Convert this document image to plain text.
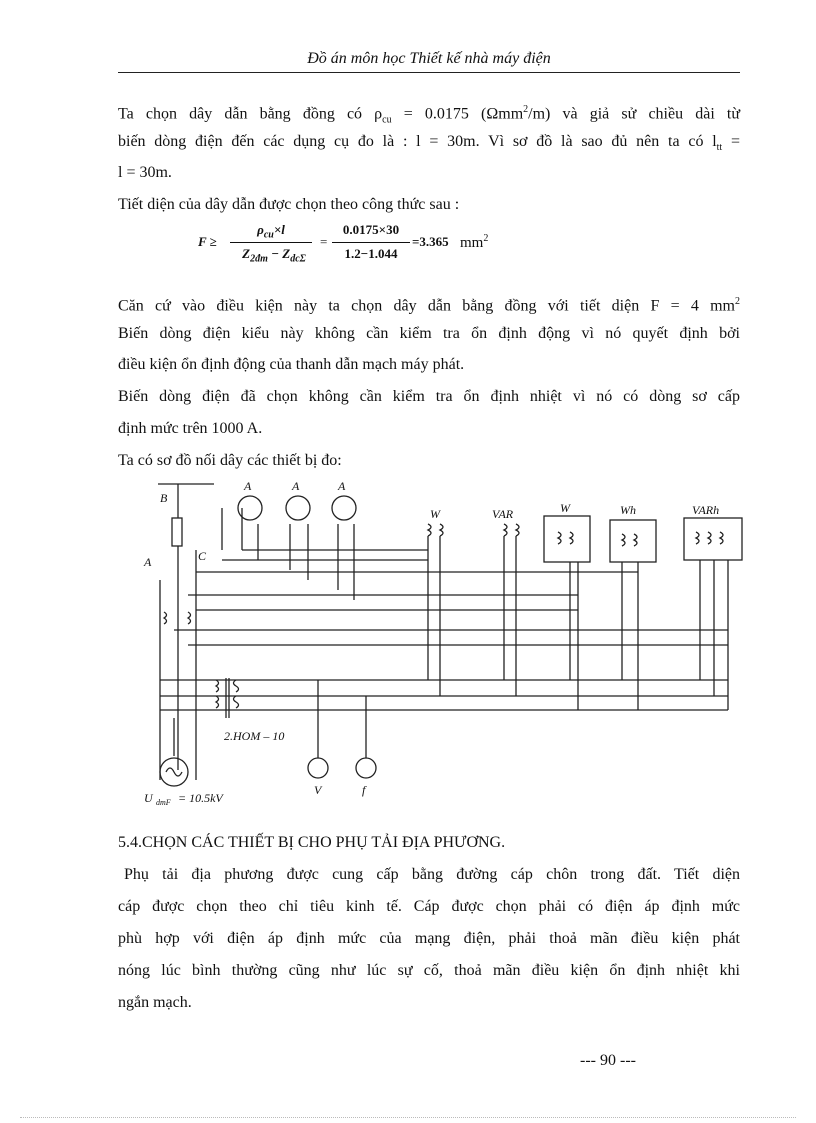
Đồ án môn học Thiết kế nhà máy điện
Ta chọn dây dẫn bằng đồng có $\rho_{cu} = 0.0175$ (Ωmm$^2$/m) và giả sử chiều dài từ
biến dòng điện đến các dụng cụ đo là : l = 30m. Vì sơ đồ là sao đủ nên ta có $l_{tt}$ =
l = 30m.
Tiết diện của dây dẫn được chọn theo công thức sau :
F ≥
$\rho_{cu}\times l$
$Z_{2đm} - Z_{dc\Sigma}$
=
0.0175×30
1.2−1.044
=3.365 $mm^2$
Căn cứ vào điều kiện này ta chọn dây dẫn bằng đồng với tiết diện F = 4 $mm^2$
Biến dòng điện kiểu này không cần kiểm tra ổn định động vì nó quyết định bởi
điều kiện ổn định động của thanh dẫn mạch máy phát.
Biến dòng điện đã chọn không cần kiểm tra ổn định nhiệt vì nó có dòng sơ cấp
định mức trên 1000 A.
Ta có sơ đồ nối dây các thiết bị đo:
B
A	C
A	A	A
W	VAR	W	Wh	VARh
2.HOM – 10
V	f
U dmF = 10.5kV
5.4.CHỌN CÁC THIẾT BỊ CHO PHỤ TẢI ĐỊA PHƯƠNG.
Phụ tải địa phương được cung cấp bằng đường cáp chôn trong đất. Tiết diện
cáp được chọn theo chỉ tiêu kinh tế. Cáp được chọn phải có điện áp định mức
phù hợp với điện áp định mức của mạng điện, phải thoả mãn điều kiện phát
nóng lúc bình thường cũng như lúc sự cố, thoả mãn điều kiện ổn định nhiệt khi
ngắn mạch.
--- 90 ---
